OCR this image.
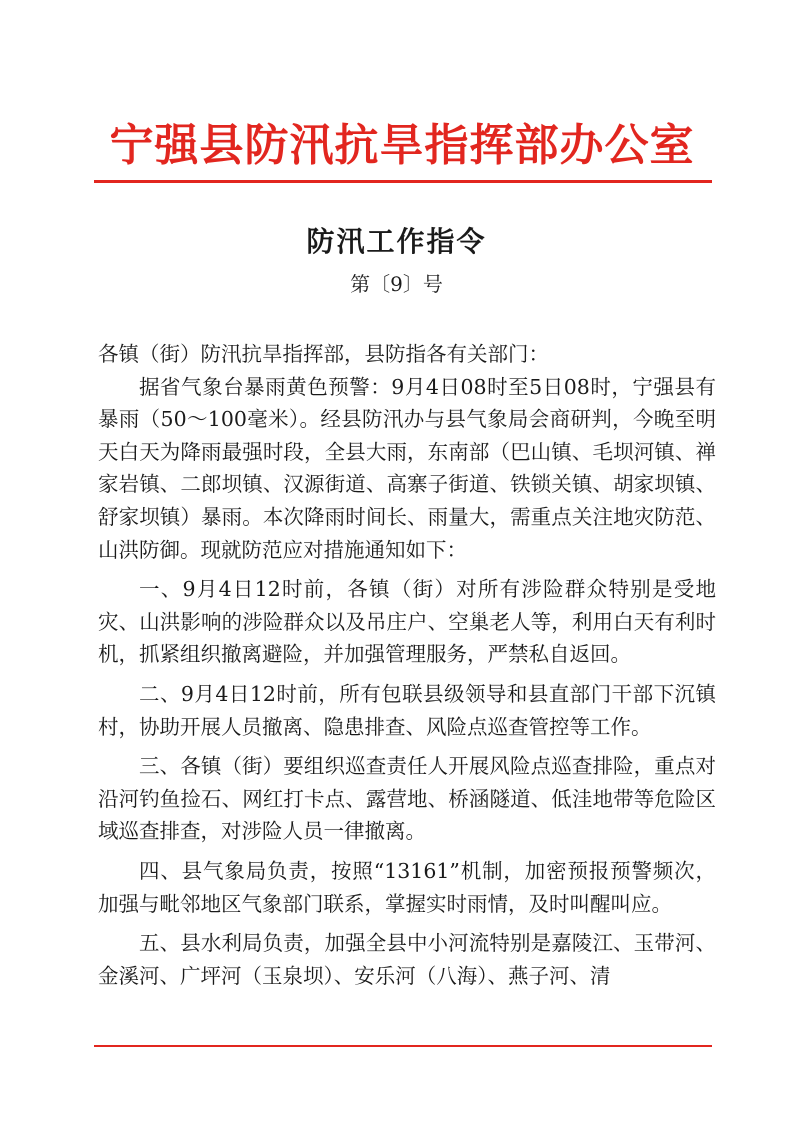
宁强县防汛抗旱指挥部办公室
防汛工作指令
第〔9〕号

各镇（街）防汛抗旱指挥部，县防指各有关部门：

据省气象台暴雨黄色预警：9月4日08时至5日08时，宁强县有暴雨（50～100毫米）。经县防汛办与县气象局会商研判，今晚至明天白天为降雨最强时段，全县大雨，东南部（巴山镇、毛坝河镇、禅家岩镇、二郎坝镇、汉源街道、高寨子街道、铁锁关镇、胡家坝镇、舒家坝镇）暴雨。本次降雨时间长、雨量大，需重点关注地灾防范、山洪防御。现就防范应对措施通知如下：

一、9月4日12时前，各镇（街）对所有涉险群众特别是受地灾、山洪影响的涉险群众以及吊庄户、空巢老人等，利用白天有利时机，抓紧组织撤离避险，并加强管理服务，严禁私自返回。

二、9月4日12时前，所有包联县级领导和县直部门干部下沉镇村，协助开展人员撤离、隐患排查、风险点巡查管控等工作。

三、各镇（街）要组织巡查责任人开展风险点巡查排险，重点对沿河钓鱼捡石、网红打卡点、露营地、桥涵隧道、低洼地带等危险区域巡查排查，对涉险人员一律撤离。

四、县气象局负责，按照“13161”机制，加密预报预警频次，加强与毗邻地区气象部门联系，掌握实时雨情，及时叫醒叫应。

五、县水利局负责，加强全县中小河流特别是嘉陵江、玉带河、金溪河、广坪河（玉泉坝）、安乐河（八海）、燕子河、清
